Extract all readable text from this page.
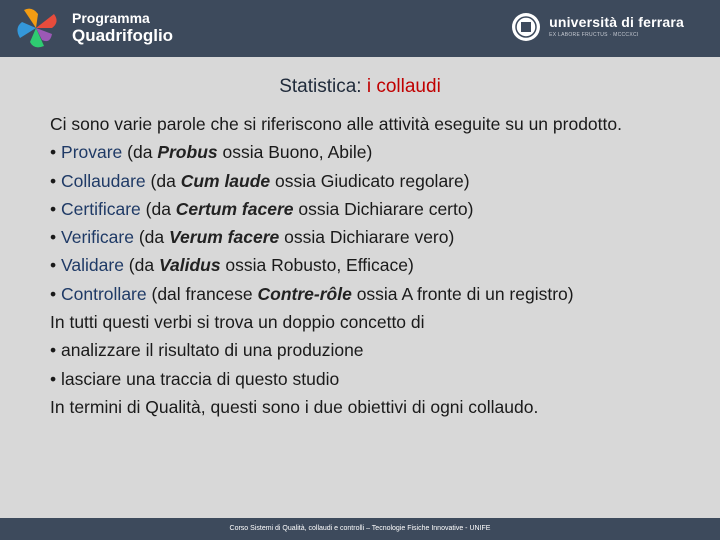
Programma
Quadrifoglio
università di ferrara
EX LABORE FRUCTUS · MCCCXCI
Statistica: i collaudi

Ci sono varie parole che si riferiscono alle attività eseguite su un prodotto.

• Provare (da Probus ossia Buono, Abile)

• Collaudare (da Cum laude ossia Giudicato regolare)

• Certificare (da Certum facere ossia Dichiarare certo)

• Verificare (da Verum facere ossia Dichiarare vero)

• Validare (da Validus ossia Robusto, Efficace)

• Controllare (dal francese Contre-rôle ossia A fronte di un registro)

In tutti questi verbi si trova un doppio concetto di

• analizzare il risultato di una produzione

• lasciare una traccia di questo studio

In termini di Qualità, questi sono i due obiettivi di ogni collaudo.

Corso Sistemi di Qualità, collaudi e controlli – Tecnologie Fisiche Innovative - UNIFE
